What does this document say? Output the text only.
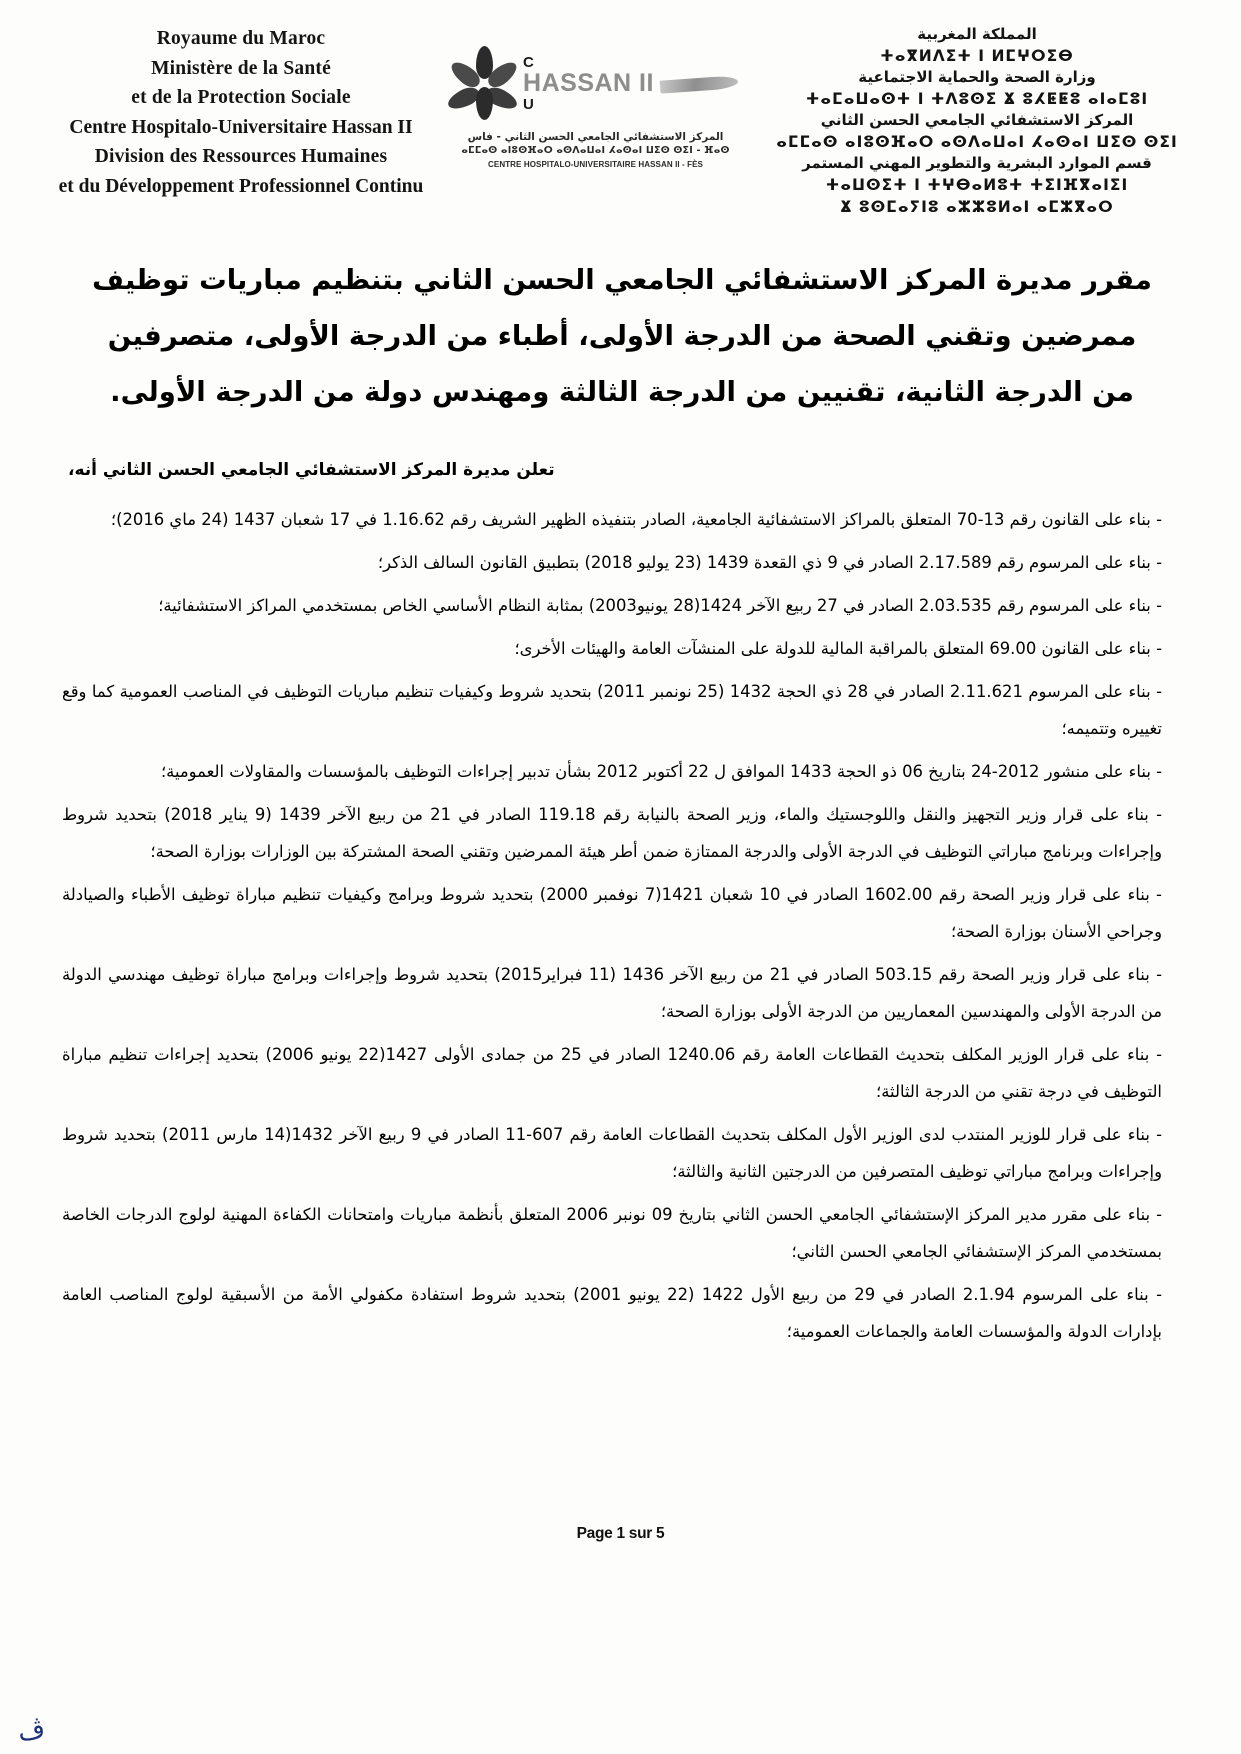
Royaume du Maroc
Ministère de la Santé
et de la Protection Sociale
Centre Hospitalo-Universitaire Hassan II
Division des Ressources Humaines
et du Développement Professionnel Continu
C
HASSAN II
U
المركز الاستشفائي الجامعي الحسن الثاني - فاس
ⴰⵎⵎⴰⵙ ⴰⵏⵓⵙⴼⴰⵔ ⴰⵙⴷⴰⵡⴰⵏ ⵃⴰⵙⴰⵏ ⵡⵉⵙ ⵙⵉⵏ - ⴼⴰⵙ
CENTRE HOSPITALO-UNIVERSITAIRE HASSAN II - FÈS
المملكة المغربية
ⵜⴰⴳⵍⴷⵉⵜ ⵏ ⵍⵎⵖⵔⵉⴱ
وزارة الصحة والحماية الاجتماعية
ⵜⴰⵎⴰⵡⴰⵙⵜ ⵏ ⵜⴷⵓⵙⵉ ⴴ ⵓⵃⵟⵟⵓ ⴰⵏⴰⵎⵓⵏ
المركز الاستشفائي الجامعي الحسن الثاني
ⴰⵎⵎⴰⵙ ⴰⵏⵓⵙⴼⴰⵔ ⴰⵙⴷⴰⵡⴰⵏ ⵃⴰⵙⴰⵏ ⵡⵉⵙ ⵙⵉⵏ
قسم الموارد البشرية والتطوير المهني المستمر
ⵜⴰⵡⵙⵉⵜ ⵏ ⵜⵖⴱⴰⵍⵓⵜ ⵜⵉⵏⴼⴳⴰⵏⵉⵏ
ⴴ ⵓⵙⵎⴰⵢⵏⵓ ⴰⵣⵣⵓⵍⴰⵏ ⴰⵎⵣⴳⴰⵔ
مقرر مديرة المركز الاستشفائي الجامعي الحسن الثاني بتنظيم مباريات توظيف ممرضين وتقني الصحة من الدرجة الأولى، أطباء من الدرجة الأولى، متصرفين من الدرجة الثانية، تقنيين من الدرجة الثالثة ومهندس دولة من الدرجة الأولى.
تعلن مديرة المركز الاستشفائي الجامعي الحسن الثاني أنه،
- بناء على القانون رقم 13-70 المتعلق بالمراكز الاستشفائية الجامعية، الصادر بتنفيذه الظهير الشريف رقم 1.16.62 في 17 شعبان 1437 (24 ماي 2016)؛
- بناء على المرسوم رقم 2.17.589 الصادر في 9 ذي القعدة 1439 (23 يوليو 2018) بتطبيق القانون السالف الذكر؛
- بناء على المرسوم رقم 2.03.535 الصادر في 27 ربيع الآخر 1424(28 يونيو2003) بمثابة النظام الأساسي الخاص بمستخدمي المراكز الاستشفائية؛
- بناء على القانون 69.00 المتعلق بالمراقبة المالية للدولة على المنشآت العامة والهيئات الأخرى؛
- بناء على المرسوم 2.11.621 الصادر في 28 ذي الحجة 1432 (25 نونمبر 2011) بتحديد شروط وكيفيات تنظيم مباريات التوظيف في المناصب العمومية كما وقع تغييره وتتميمه؛
- بناء على منشور 2012-24 بتاريخ 06 ذو الحجة 1433 الموافق ل 22 أكتوبر 2012 بشأن تدبير إجراءات التوظيف بالمؤسسات والمقاولات العمومية؛
- بناء على قرار وزير التجهيز والنقل واللوجستيك والماء، وزير الصحة بالنيابة رقم 119.18 الصادر في 21 من ربيع الآخر 1439 (9 يناير 2018) بتحديد شروط وإجراءات وبرنامج مباراتي التوظيف في الدرجة الأولى والدرجة الممتازة ضمن أطر هيئة الممرضين وتقني الصحة المشتركة بين الوزارات بوزارة الصحة؛
- بناء على قرار وزير الصحة رقم 1602.00 الصادر في 10 شعبان 1421(7 نوفمبر 2000) بتحديد شروط وبرامج وكيفيات تنظيم مباراة توظيف الأطباء والصيادلة وجراحي الأسنان بوزارة الصحة؛
- بناء على قرار وزير الصحة رقم 503.15 الصادر في 21 من ربيع الآخر 1436 (11 فبراير2015) بتحديد شروط وإجراءات وبرامج مباراة توظيف مهندسي الدولة من الدرجة الأولى والمهندسين المعماريين من الدرجة الأولى بوزارة الصحة؛
- بناء على قرار الوزير المكلف بتحديث القطاعات العامة رقم 1240.06 الصادر في 25 من جمادى الأولى 1427(22 يونيو 2006) بتحديد إجراءات تنظيم مباراة التوظيف في درجة تقني من الدرجة الثالثة؛
- بناء على قرار للوزير المنتدب لدى الوزير الأول المكلف بتحديث القطاعات العامة رقم 607-11 الصادر في 9 ربيع الآخر 1432(14 مارس 2011) بتحديد شروط وإجراءات وبرامج مباراتي توظيف المتصرفين من الدرجتين الثانية والثالثة؛
- بناء على مقرر مدير المركز الإستشفائي الجامعي الحسن الثاني بتاريخ 09 نونبر 2006 المتعلق بأنظمة مباريات وامتحانات الكفاءة المهنية لولوج الدرجات الخاصة بمستخدمي المركز الإستشفائي الجامعي الحسن الثاني؛
- بناء على المرسوم 2.1.94 الصادر في 29 من ربيع الأول 1422 (22 يونيو 2001) بتحديد شروط استفادة مكفولي الأمة من الأسبقية لولوج المناصب العامة بإدارات الدولة والمؤسسات العامة والجماعات العمومية؛
Page 1 sur 5
ﭪ
